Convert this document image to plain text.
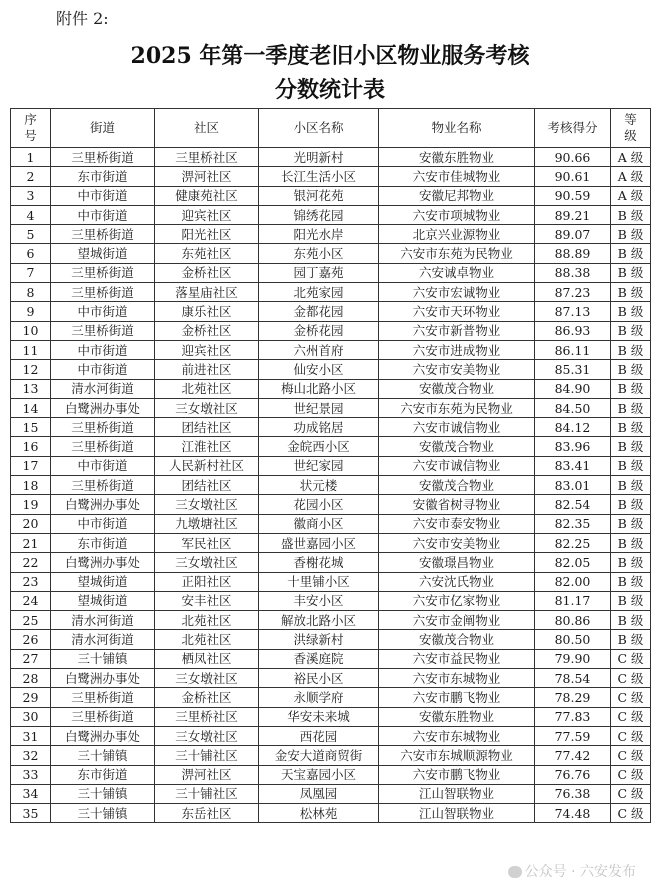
附件 2:
2025 年第一季度老旧小区物业服务考核
分数统计表
序号	街道	社区	小区名称	物业名称	考核得分	等级
1	三里桥街道	三里桥社区	光明新村	安徽东胜物业	90.66	A 级
2	东市街道	淠河社区	长江生活小区	六安市佳城物业	90.61	A 级
3	中市街道	健康苑社区	银河花苑	安徽尼邦物业	90.59	A 级
4	中市街道	迎宾社区	锦绣花园	六安市项城物业	89.21	B 级
5	三里桥街道	阳光社区	阳光水岸	北京兴业源物业	89.07	B 级
6	望城街道	东苑社区	东苑小区	六安市东苑为民物业	88.89	B 级
7	三里桥街道	金桥社区	园丁嘉苑	六安诚卓物业	88.38	B 级
8	三里桥街道	落星庙社区	北苑家园	六安市宏诚物业	87.23	B 级
9	中市街道	康乐社区	金都花园	六安市天环物业	87.13	B 级
10	三里桥街道	金桥社区	金桥花园	六安市新普物业	86.93	B 级
11	中市街道	迎宾社区	六州首府	六安市进成物业	86.11	B 级
12	中市街道	前进社区	仙安小区	六安市安美物业	85.31	B 级
13	清水河街道	北苑社区	梅山北路小区	安徽茂合物业	84.90	B 级
14	白鹭洲办事处	三女墩社区	世纪景园	六安市东苑为民物业	84.50	B 级
15	三里桥街道	团结社区	功成铭居	六安市诚信物业	84.12	B 级
16	三里桥街道	江淮社区	金皖西小区	安徽茂合物业	83.96	B 级
17	中市街道	人民新村社区	世纪家园	六安市诚信物业	83.41	B 级
18	三里桥街道	团结社区	状元楼	安徽茂合物业	83.01	B 级
19	白鹭洲办事处	三女墩社区	花园小区	安徽省树寻物业	82.54	B 级
20	中市街道	九墩塘社区	徽商小区	六安市泰安物业	82.35	B 级
21	东市街道	军民社区	盛世嘉园小区	六安市安美物业	82.25	B 级
22	白鹭洲办事处	三女墩社区	香榭花城	安徽璟昌物业	82.05	B 级
23	望城街道	正阳社区	十里铺小区	六安沈氏物业	82.00	B 级
24	望城街道	安丰社区	丰安小区	六安市亿家物业	81.17	B 级
25	清水河街道	北苑社区	解放北路小区	六安市金阐物业	80.86	B 级
26	清水河街道	北苑社区	洪绿新村	安徽茂合物业	80.50	B 级
27	三十铺镇	栖凤社区	香溪庭院	六安市益民物业	79.90	C 级
28	白鹭洲办事处	三女墩社区	裕民小区	六安市东城物业	78.54	C 级
29	三里桥街道	金桥社区	永顺学府	六安市鹏飞物业	78.29	C 级
30	三里桥街道	三里桥社区	华安未来城	安徽东胜物业	77.83	C 级
31	白鹭洲办事处	三女墩社区	西花园	六安市东城物业	77.59	C 级
32	三十铺镇	三十铺社区	金安大道商贸街	六安市东城顺源物业	77.42	C 级
33	东市街道	淠河社区	天宝嘉园小区	六安市鹏飞物业	76.76	C 级
34	三十铺镇	三十铺社区	凤凰园	江山智联物业	76.38	C 级
35	三十铺镇	东岳社区	松林苑	江山智联物业	74.48	C 级
公众号 · 六安发布
